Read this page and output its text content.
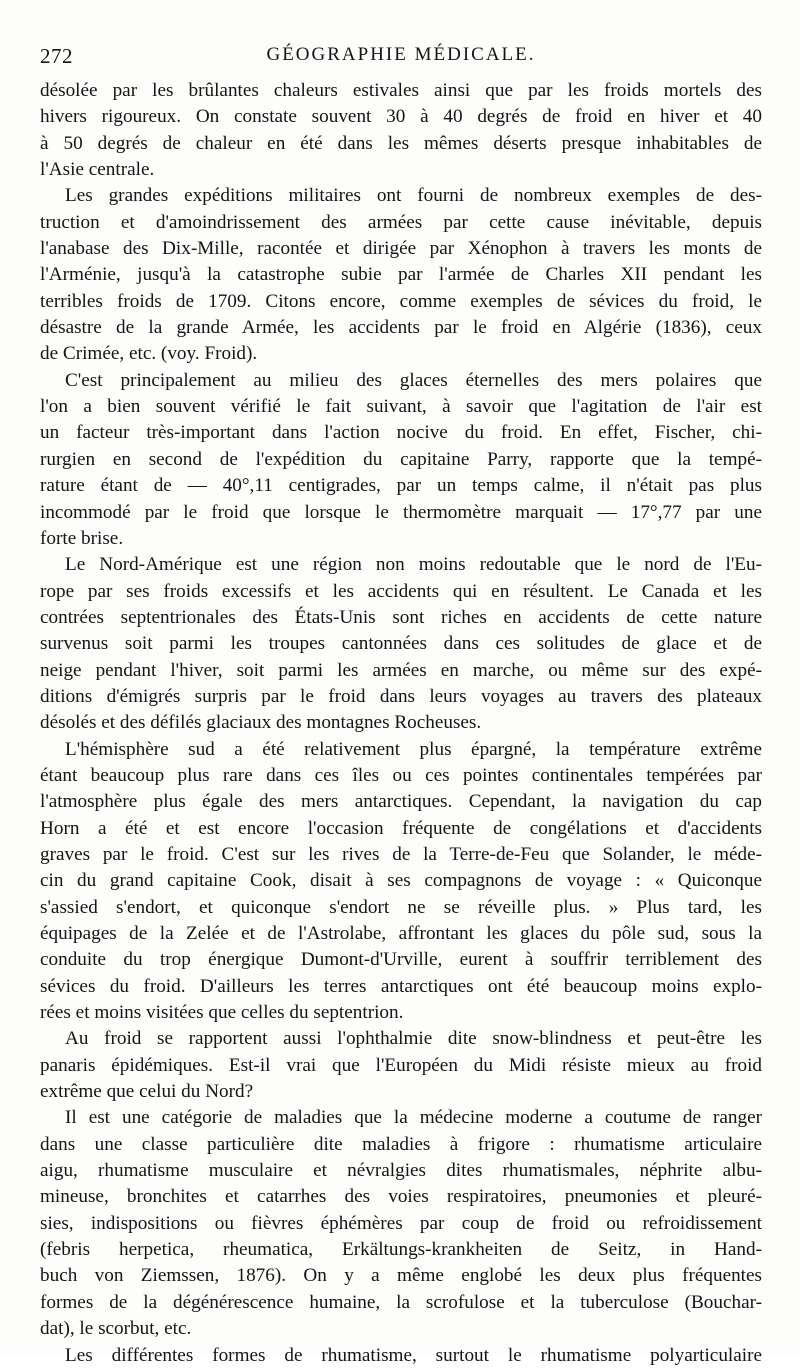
272	GÉOGRAPHIE MÉDICALE.
désolée par les brûlantes chaleurs estivales ainsi que par les froids mortels des
hivers rigoureux. On constate souvent 30 à 40 degrés de froid en hiver et 40
à 50 degrés de chaleur en été dans les mêmes déserts presque inhabitables de
l'Asie centrale.
Les grandes expéditions militaires ont fourni de nombreux exemples de des-
truction et d'amoindrissement des armées par cette cause inévitable, depuis
l'anabase des Dix-Mille, racontée et dirigée par Xénophon à travers les monts de
l'Arménie, jusqu'à la catastrophe subie par l'armée de Charles XII pendant les
terribles froids de 1709. Citons encore, comme exemples de sévices du froid, le
désastre de la grande Armée, les accidents par le froid en Algérie (1836), ceux
de Crimée, etc. (voy. Froid).
C'est principalement au milieu des glaces éternelles des mers polaires que
l'on a bien souvent vérifié le fait suivant, à savoir que l'agitation de l'air est
un facteur très-important dans l'action nocive du froid. En effet, Fischer, chi-
rurgien en second de l'expédition du capitaine Parry, rapporte que la tempé-
rature étant de — 40°,11 centigrades, par un temps calme, il n'était pas plus
incommodé par le froid que lorsque le thermomètre marquait — 17°,77 par une
forte brise.
Le Nord-Amérique est une région non moins redoutable que le nord de l'Eu-
rope par ses froids excessifs et les accidents qui en résultent. Le Canada et les
contrées septentrionales des États-Unis sont riches en accidents de cette nature
survenus soit parmi les troupes cantonnées dans ces solitudes de glace et de
neige pendant l'hiver, soit parmi les armées en marche, ou même sur des expé-
ditions d'émigrés surpris par le froid dans leurs voyages au travers des plateaux
désolés et des défilés glaciaux des montagnes Rocheuses.
L'hémisphère sud a été relativement plus épargné, la température extrême
étant beaucoup plus rare dans ces îles ou ces pointes continentales tempérées par
l'atmosphère plus égale des mers antarctiques. Cependant, la navigation du cap
Horn a été et est encore l'occasion fréquente de congélations et d'accidents
graves par le froid. C'est sur les rives de la Terre-de-Feu que Solander, le méde-
cin du grand capitaine Cook, disait à ses compagnons de voyage : « Quiconque
s'assied s'endort, et quiconque s'endort ne se réveille plus. » Plus tard, les
équipages de la Zelée et de l'Astrolabe, affrontant les glaces du pôle sud, sous la
conduite du trop énergique Dumont-d'Urville, eurent à souffrir terriblement des
sévices du froid. D'ailleurs les terres antarctiques ont été beaucoup moins explo-
rées et moins visitées que celles du septentrion.
Au froid se rapportent aussi l'ophthalmie dite snow-blindness et peut-être les
panaris épidémiques. Est-il vrai que l'Européen du Midi résiste mieux au froid
extrême que celui du Nord?
Il est une catégorie de maladies que la médecine moderne a coutume de ranger
dans une classe particulière dite maladies à frigore : rhumatisme articulaire
aigu, rhumatisme musculaire et névralgies dites rhumatismales, néphrite albu-
mineuse, bronchites et catarrhes des voies respiratoires, pneumonies et pleuré-
sies, indispositions ou fièvres éphémères par coup de froid ou refroidissement
(febris herpetica, rheumatica, Erkältungs-krankheiten de Seitz, in Hand-
buch von Ziemssen, 1876). On y a même englobé les deux plus fréquentes
formes de la dégénérescence humaine, la scrofulose et la tuberculose (Bouchar-
dat), le scorbut, etc.
Les différentes formes de rhumatisme, surtout le rhumatisme polyarticulaire
